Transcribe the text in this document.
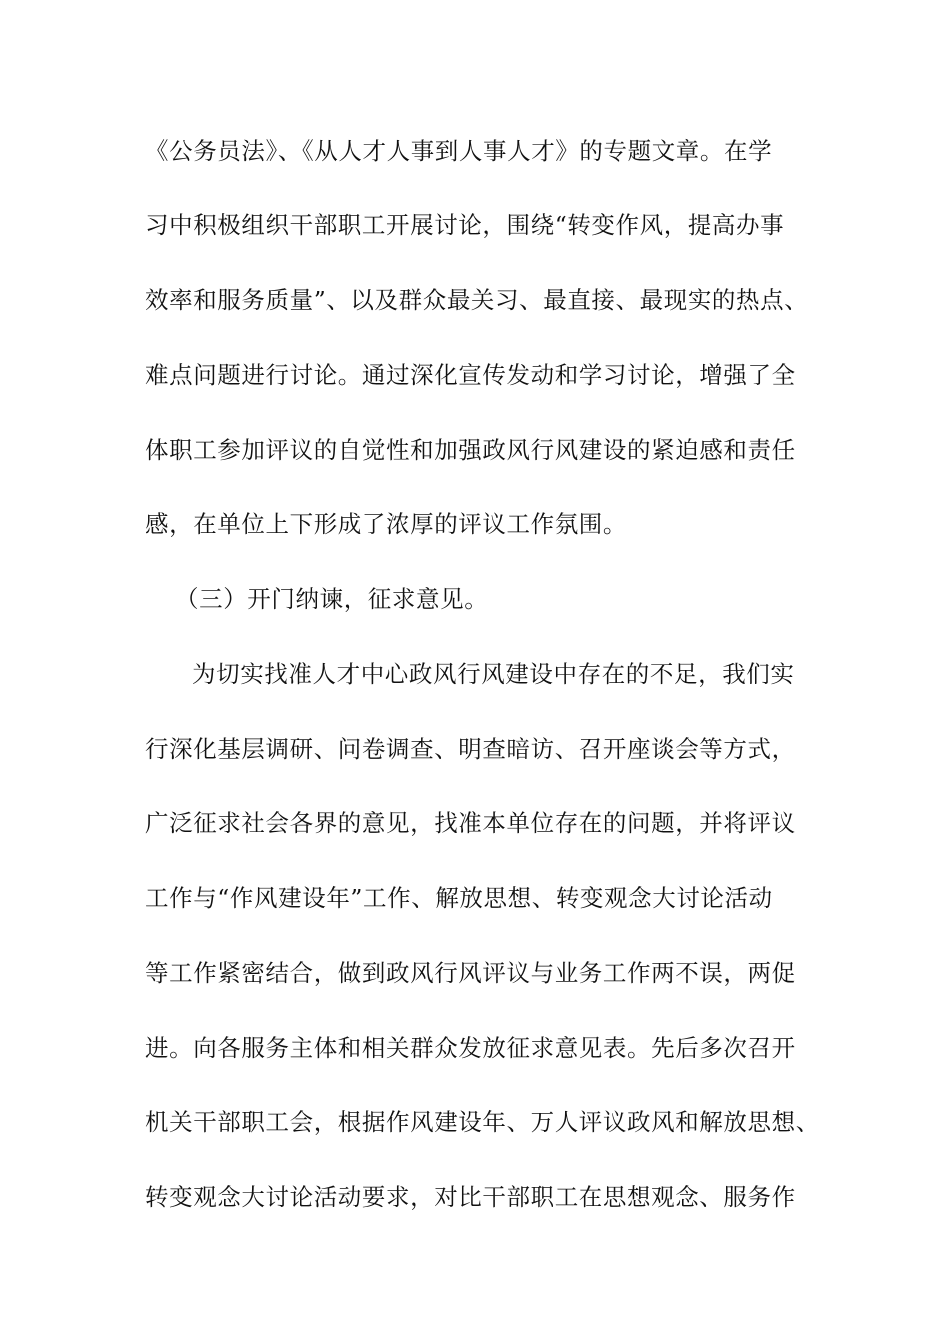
《公务员法》、《从人才人事到人事人才》的专题文章。在学
习中积极组织干部职工开展讨论，围绕“转变作风，提高办事
效率和服务质量”、以及群众最关习、最直接、最现实的热点、
难点问题进行讨论。通过深化宣传发动和学习讨论，增强了全
体职工参加评议的自觉性和加强政风行风建设的紧迫感和责任
感，在单位上下形成了浓厚的评议工作氛围。
（三）开门纳谏，征求意见。
为切实找准人才中心政风行风建设中存在的不足，我们实
行深化基层调研、问卷调查、明查暗访、召开座谈会等方式，
广泛征求社会各界的意见，找准本单位存在的问题，并将评议
工作与“作风建设年”工作、解放思想、转变观念大讨论活动
等工作紧密结合，做到政风行风评议与业务工作两不误，两促
进。向各服务主体和相关群众发放征求意见表。先后多次召开
机关干部职工会，根据作风建设年、万人评议政风和解放思想、
转变观念大讨论活动要求，对比干部职工在思想观念、服务作
